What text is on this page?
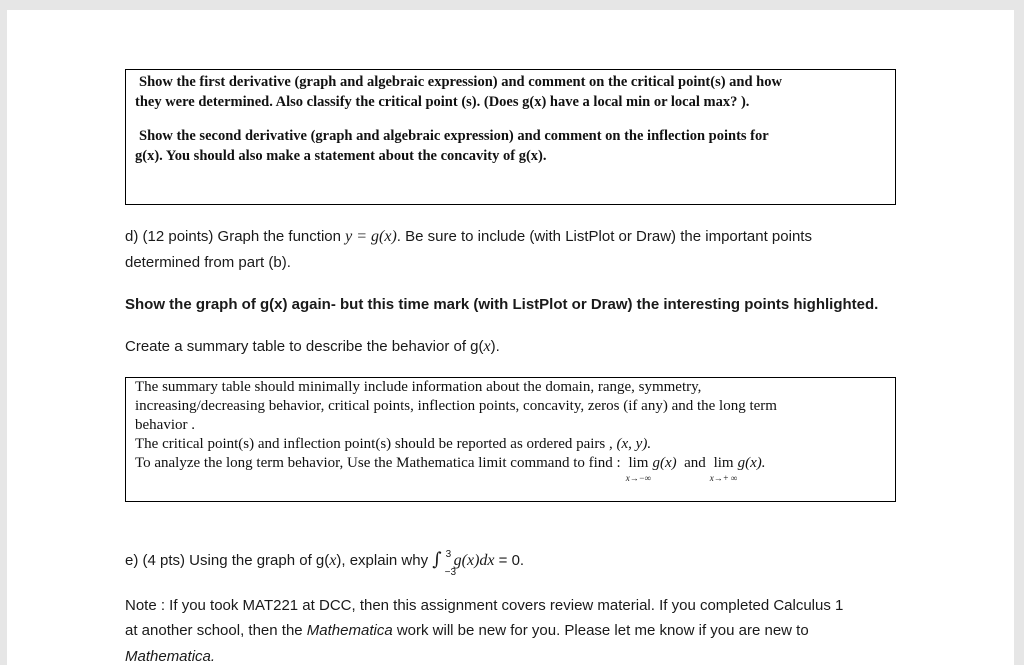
Show the first derivative (graph and algebraic expression) and comment on the critical point(s) and how

they were determined. Also classify the critical point (s). (Does g(x) have a local min or local max? ).

Show the second derivative (graph and algebraic expression) and comment on the inflection points for

g(x). You should also make a statement about the concavity of g(x).

d) (12 points) Graph the function y = g(x). Be sure to include (with ListPlot or Draw) the important points

determined from part (b).

Show the graph of g(x) again- but this time mark (with ListPlot or Draw) the interesting points highlighted.

Create a summary table to describe the behavior of g(x).

The summary table should minimally include information about the domain, range, symmetry,

increasing/decreasing behavior, critical points, inflection points, concavity, zeros (if any) and the long term

behavior .

The critical point(s) and inflection point(s) should be reported as ordered pairs , (x, y).

To analyze the long term behavior, Use the Mathematica limit command to find : lim
x→−∞
g(x) and lim
x→+ ∞
g(x).

e) (4 pts) Using the graph of g(x), explain why ∫ 3
−3
g(x)dx = 0.

Note : If you took MAT221 at DCC, then this assignment covers review material. If you completed Calculus 1

at another school, then the Mathematica work will be new for you. Please let me know if you are new to

Mathematica.
